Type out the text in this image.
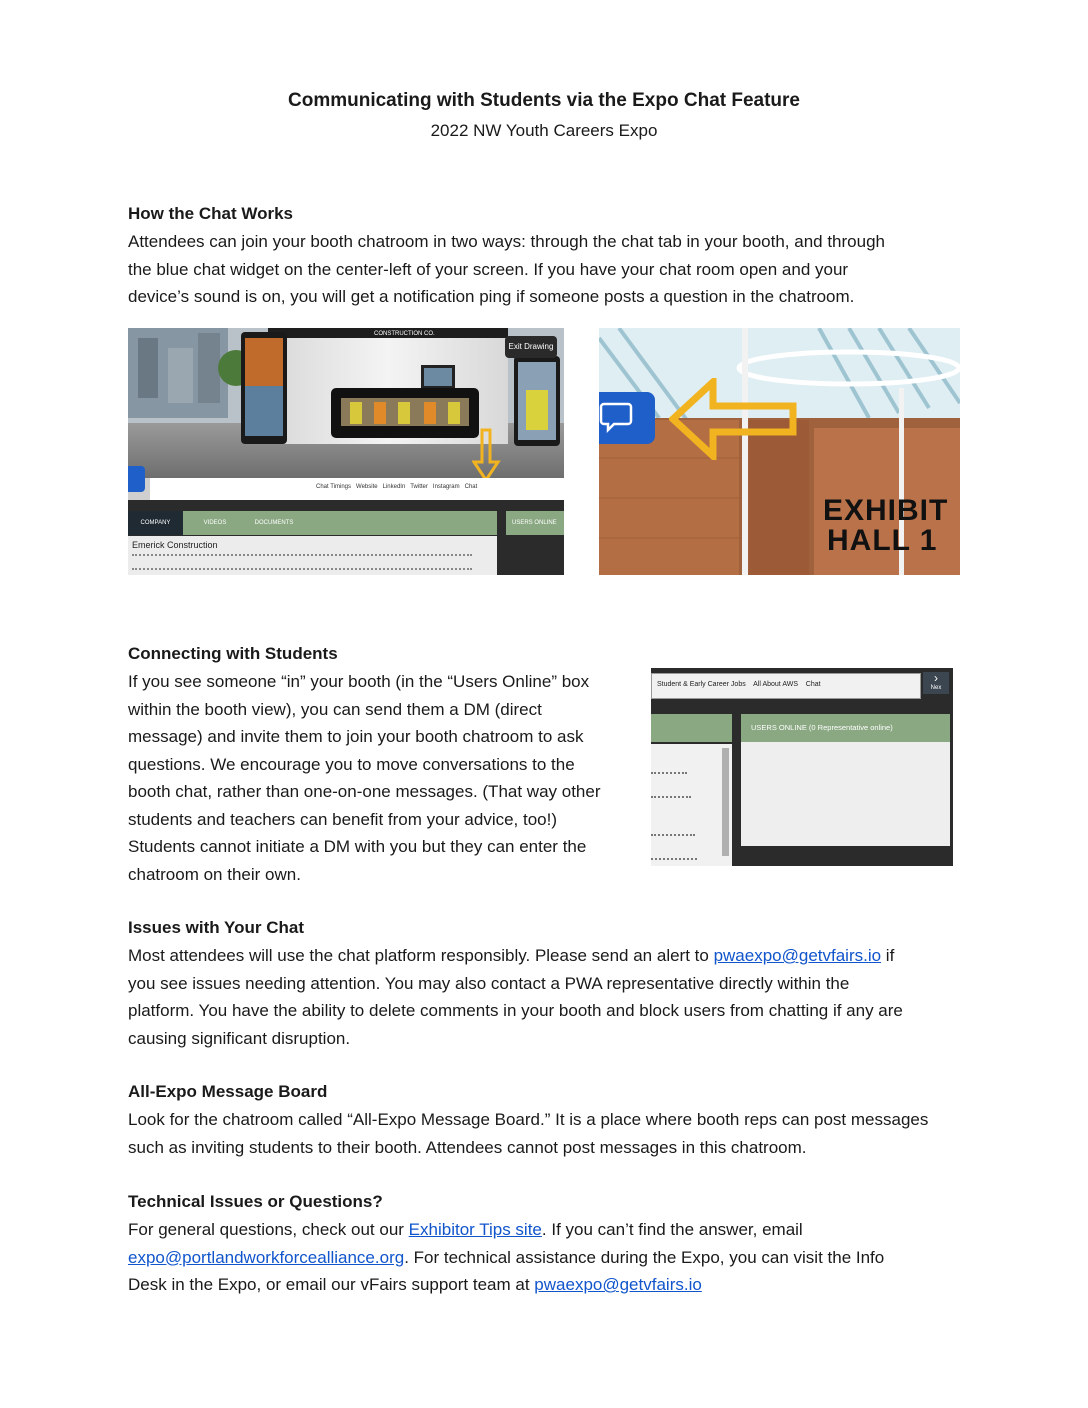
Communicating with Students via the Expo Chat Feature
2022 NW Youth Careers Expo
How the Chat Works
Attendees can join your booth chatroom in two ways: through the chat tab in your booth, and through
the blue chat widget on the center-left of your screen. If you have your chat room open and your
device’s sound is on, you will get a notification ping if someone posts a question in the chatroom.
CONSTRUCTION CO.
Exit Drawing
Chat Timings Website LinkedIn Twitter Instagram Chat
COMPANY	VIDEOS	DOCUMENTS	USERS ONLINE
Emerick Construction
EXHIBIT
HALL 1
Connecting with Students
If you see someone “in” your booth (in the “Users Online” box
within the booth view), you can send them a DM (direct
message) and invite them to join your booth chatroom to ask
questions. We encourage you to move conversations to the
booth chat, rather than one-on-one messages. (That way other
students and teachers can benefit from your advice, too!)
Students cannot initiate a DM with you but they can enter the
chatroom on their own.
Student & Early Career Jobs All About AWS Chat	›
Nex
USERS ONLINE (0 Representative online)
Issues with Your Chat
Most attendees will use the chat platform responsibly. Please send an alert to pwaexpo@getvfairs.io if
you see issues needing attention. You may also contact a PWA representative directly within the
platform. You have the ability to delete comments in your booth and block users from chatting if any are
causing significant disruption.
All-Expo Message Board
Look for the chatroom called “All-Expo Message Board.” It is a place where booth reps can post messages
such as inviting students to their booth. Attendees cannot post messages in this chatroom.
Technical Issues or Questions?
For general questions, check out our Exhibitor Tips site. If you can’t find the answer, email
expo@portlandworkforcealliance.org. For technical assistance during the Expo, you can visit the Info
Desk in the Expo, or email our vFairs support team at pwaexpo@getvfairs.io
